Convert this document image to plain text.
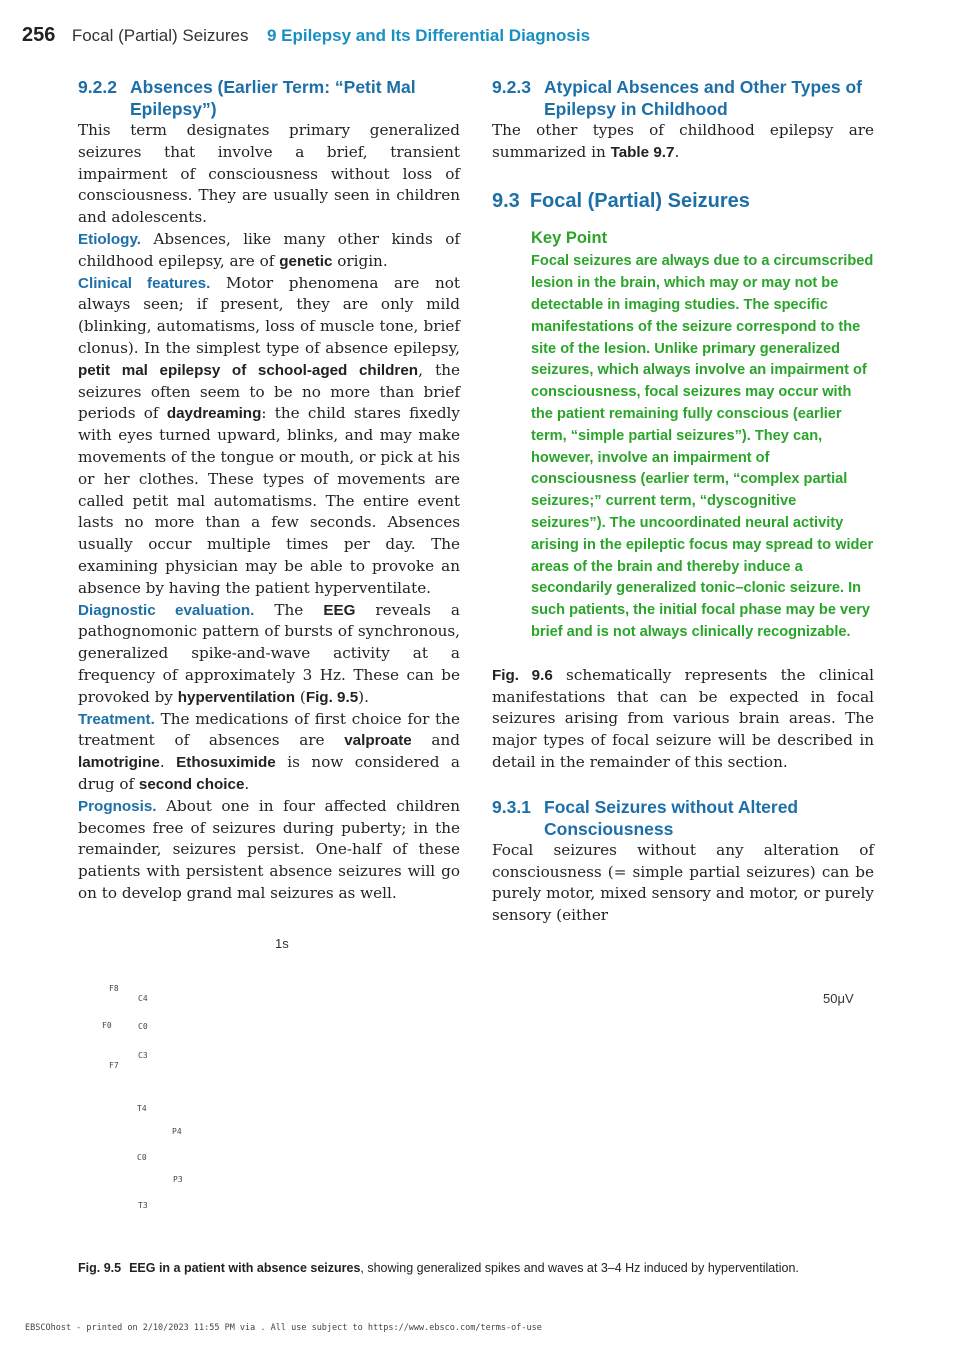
256 Focal (Partial) Seizures 9 Epilepsy and Its Differential Diagnosis
9.2.2 Absences (Earlier Term: “Petit Mal Epilepsy”)

This term designates primary generalized seizures that involve a brief, transient impairment of consciousness without loss of consciousness. They are usually seen in children and adolescents.

Etiology. Absences, like many other kinds of childhood epilepsy, are of genetic origin.

Clinical features. Motor phenomena are not always seen; if present, they are only mild (blinking, automatisms, loss of muscle tone, brief clonus). In the simplest type of absence epilepsy, petit mal epilepsy of school-aged children, the seizures often seem to be no more than brief periods of daydreaming: the child stares fixedly with eyes turned upward, blinks, and may make movements of the tongue or mouth, or pick at his or her clothes. These types of movements are called petit mal automatisms. The entire event lasts no more than a few seconds. Absences usually occur multiple times per day. The examining physician may be able to provoke an absence by having the patient hyperventilate.

Diagnostic evaluation. The EEG reveals a pathognomonic pattern of bursts of synchronous, generalized spike-and-wave activity at a frequency of approximately 3 Hz. These can be provoked by hyperventilation (Fig. 9.5).

Treatment. The medications of first choice for the treatment of absences are valproate and lamotrigine. Ethosuximide is now considered a drug of second choice.

Prognosis. About one in four affected children becomes free of seizures during puberty; in the remainder, seizures persist. One-half of these patients with persistent absence seizures will go on to develop grand mal seizures as well.

9.2.3 Atypical Absences and Other Types of Epilepsy in Childhood

The other types of childhood epilepsy are summarized in Table 9.7.

9.3 Focal (Partial) Seizures
Key Point

Focal seizures are always due to a circumscribed lesion in the brain, which may or may not be detectable in imaging studies. The specific manifestations of the seizure correspond to the site of the lesion. Unlike primary generalized seizures, which always involve an impairment of consciousness, focal seizures may occur with the patient remaining fully conscious (earlier term, “simple partial seizures”). They can, however, involve an impairment of consciousness (earlier term, “complex partial seizures;” current term, “dyscognitive seizures”). The uncoordinated neural activity arising in the epileptic focus may spread to wider areas of the brain and thereby induce a secondarily generalized tonic–clonic seizure. In such patients, the initial focal phase may be very brief and is not always clinically recognizable.

Fig. 9.6 schematically represents the clinical manifestations that can be expected in focal seizures arising from various brain areas. The major types of focal seizure will be described in detail in the remainder of this section.

9.3.1 Focal Seizures without Altered Consciousness

Focal seizures without any alteration of consciousness (= simple partial seizures) can be purely motor, mixed sensory and motor, or purely sensory (either

1s
50μV
F8
C4
F0	C0
C3
F7
T4
P4
C0
P3
T3
Fig. 9.5 EEG in a patient with absence seizures, showing generalized spikes and waves at 3–4 Hz induced by hyperventilation.
EBSCOhost - printed on 2/10/2023 11:55 PM via . All use subject to https://www.ebsco.com/terms-of-use
